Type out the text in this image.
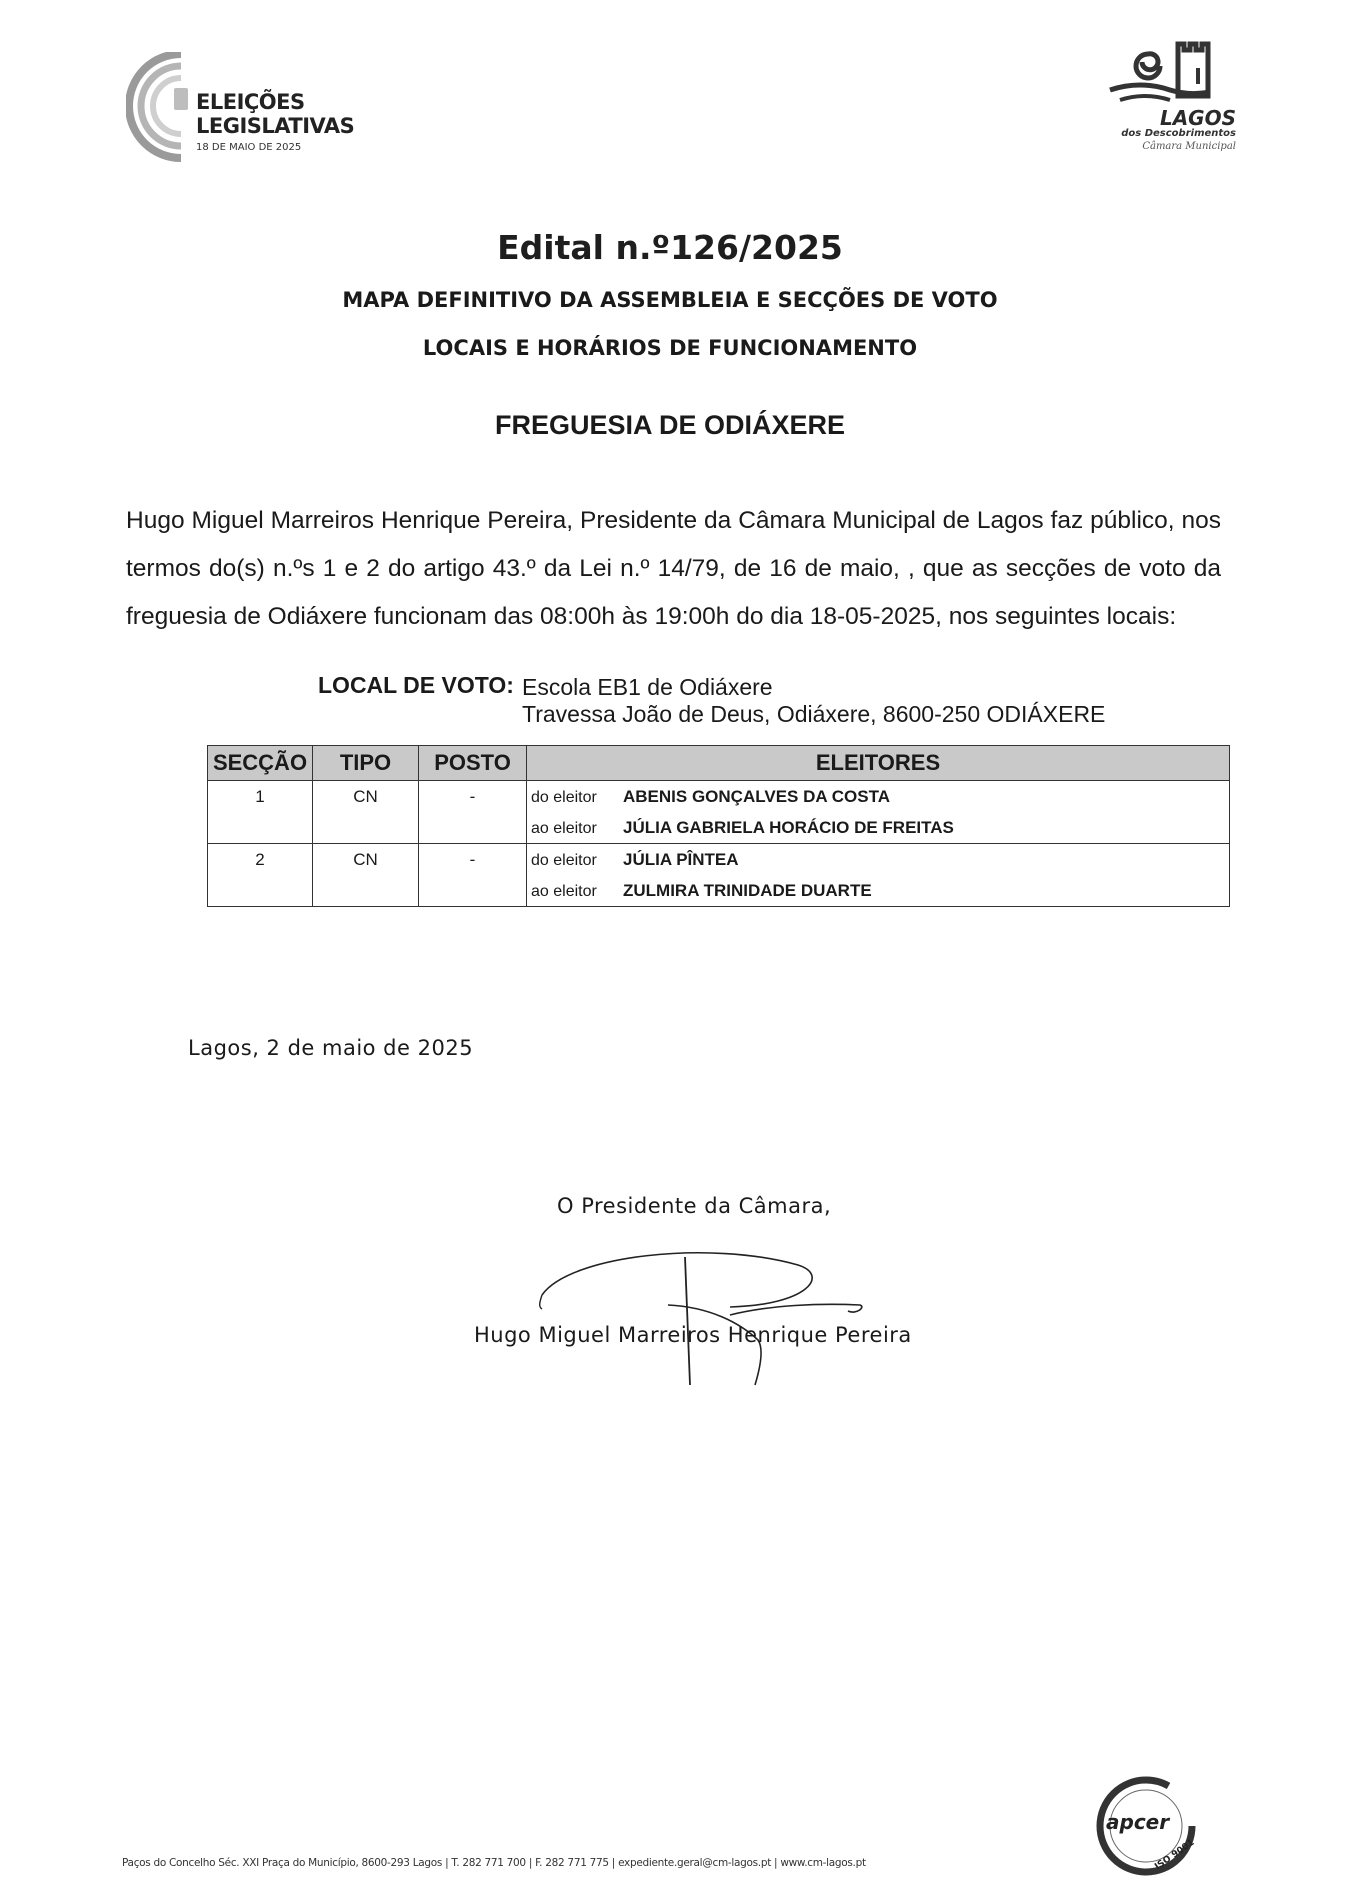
ELEIÇÕES
LEGISLATIVAS
18 DE MAIO DE 2025
LAGOS
dos Descobrimentos
Câmara Municipal
Edital n.º126/2025
MAPA DEFINITIVO DA ASSEMBLEIA E SECÇÕES DE VOTO
LOCAIS E HORÁRIOS DE FUNCIONAMENTO
FREGUESIA DE ODIÁXERE
Hugo Miguel Marreiros Henrique Pereira, Presidente da Câmara Municipal de Lagos faz público, nos termos do(s) n.ºs 1 e 2 do artigo 43.º da Lei n.º 14/79, de 16 de maio, , que as secções de voto da freguesia de Odiáxere funcionam das 08:00h às 19:00h do dia 18-05-2025, nos seguintes locais:
LOCAL DE VOTO: Escola EB1 de Odiáxere
Travessa João de Deus, Odiáxere, 8600-250 ODIÁXERE
SECÇÃO	TIPO	POSTO	ELEITORES
1	CN	-	do eleitor ABENIS GONÇALVES DA COSTA
			ao eleitor JÚLIA GABRIELA HORÁCIO DE FREITAS
2	CN	-	do eleitor JÚLIA PÎNTEA
			ao eleitor ZULMIRA TRINIDADE DUARTE
Lagos, 2 de maio de 2025
O Presidente da Câmara,
Hugo Miguel Marreiros Henrique Pereira
Paços do Concelho Séc. XXI Praça do Município, 8600-293 Lagos | T. 282 771 700 | F. 282 771 775 | expediente.geral@cm-lagos.pt | www.cm-lagos.pt
apcer
ISO 9001
